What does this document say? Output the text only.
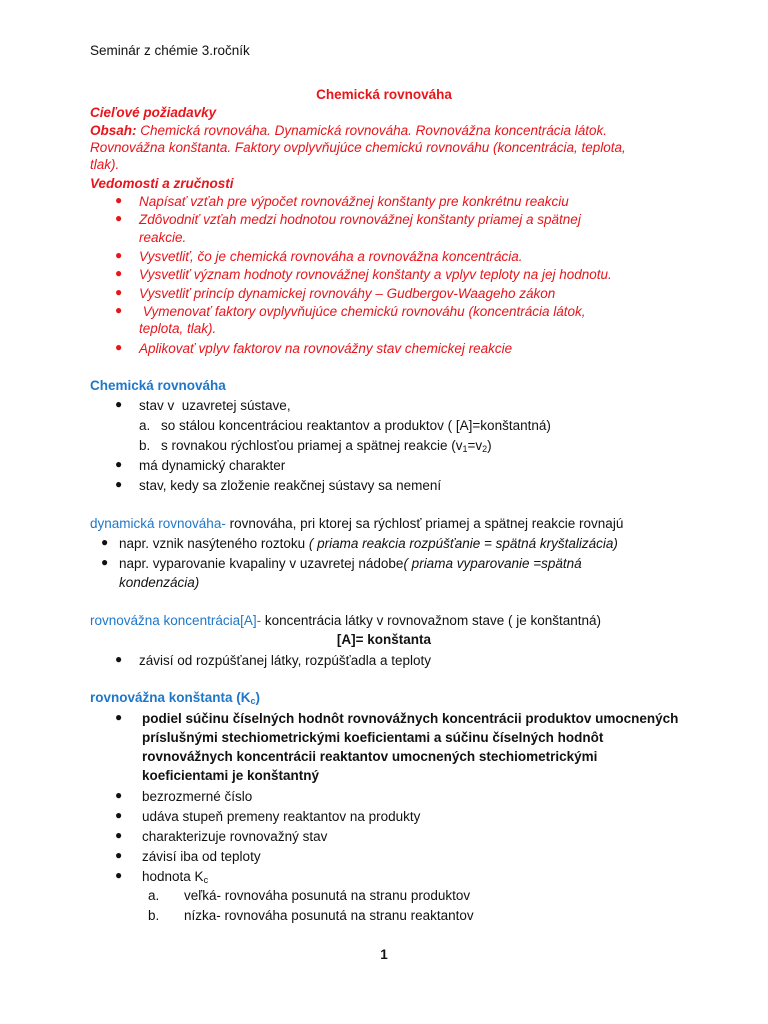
Seminár z chémie 3.ročník
Chemická rovnováha
Cieľové požiadavky
Obsah: Chemická rovnováha. Dynamická rovnováha. Rovnovážna koncentrácia látok.
Rovnovážna konštanta. Faktory ovplyvňujúce chemickú rovnováhu (koncentrácia, teplota,
tlak).
Vedomosti a zručnosti
● Napísať vzťah pre výpočet rovnovážnej konštanty pre konkrétnu reakciu
● Zdôvodniť vzťah medzi hodnotou rovnovážnej konštanty priamej a spätnej
reakcie.
● Vysvetliť, čo je chemická rovnováha a rovnovážna koncentrácia.
● Vysvetliť význam hodnoty rovnovážnej konštanty a vplyv teploty na jej hodnotu.
● Vysvetliť princíp dynamickej rovnováhy – Gudbergov-Waageho zákon
● Vymenovať faktory ovplyvňujúce chemickú rovnováhu (koncentrácia látok,
teplota, tlak).
● Aplikovať vplyv faktorov na rovnovážny stav chemickej reakcie
Chemická rovnováha
● stav v  uzavretej sústave,
a. so stálou koncentráciou reaktantov a produktov ( [A]=konštantná)
b. s rovnakou rýchlosťou priamej a spätnej reakcie $(v_1=v_2)$
● má dynamický charakter
● stav, kedy sa zloženie reakčnej sústavy sa nemení
dynamická rovnováha- rovnováha, pri ktorej sa rýchlosť priamej a spätnej reakcie rovnajú
● napr. vznik nasýteného roztoku ( priama reakcia rozpúšťanie = spätná kryštalizácia)
● napr. vyparovanie kvapaliny v uzavretej nádobe( priama vyparovanie =spätná
kondenzácia)
rovnovážna koncentrácia[A]- koncentrácia látky v rovnovažnom stave ( je konštantná)
[A]= konštanta
● závisí od rozpúšťanej látky, rozpúšťadla a teploty
rovnovážna konštanta $(K_c)$
● podiel súčinu číselných hodnôt rovnovážnych koncentrácii produktov umocnených
príslušnými stechiometrickými koeficientami a súčinu číselných hodnôt
rovnovážnych koncentrácii reaktantov umocnených stechiometrickými
koeficientami je konštantný
● bezrozmerné číslo
● udáva stupeň premeny reaktantov na produkty
● charakterizuje rovnovažný stav
● závisí iba od teploty
● hodnota $K_c$
a. veľká- rovnováha posunutá na stranu produktov
b. nízka- rovnováha posunutá na stranu reaktantov
1
